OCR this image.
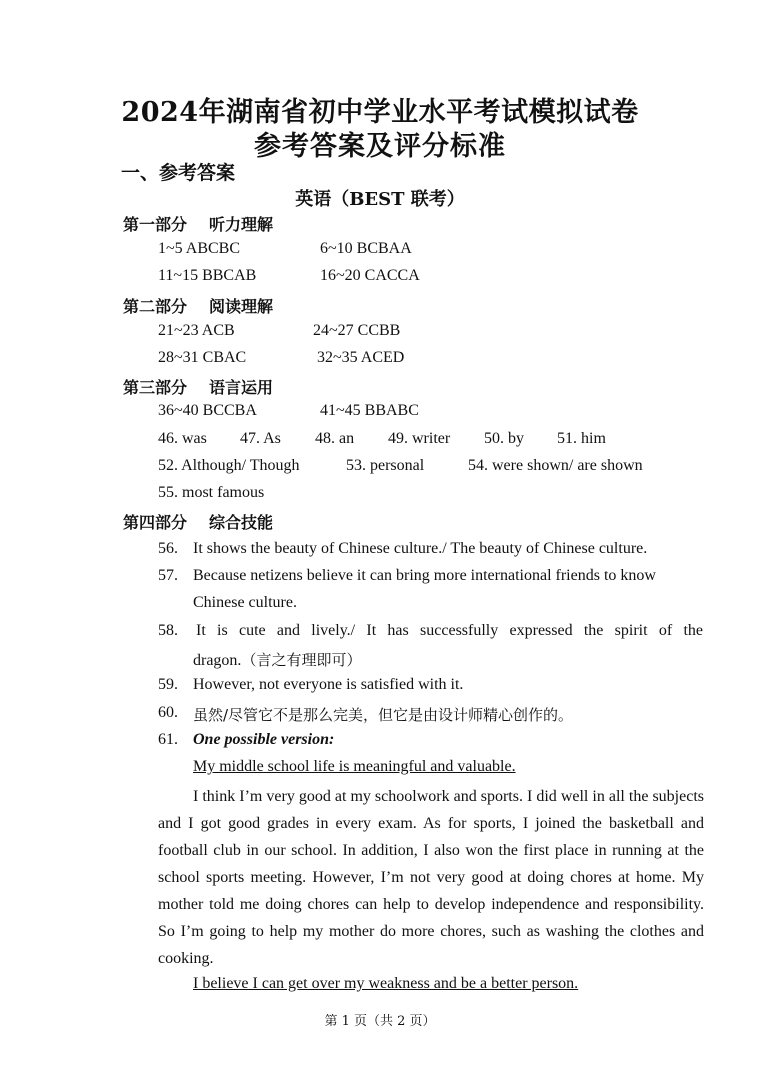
2024年湖南省初中学业水平考试模拟试卷
参考答案及评分标准
一、参考答案
英语（BEST 联考）
第一部分 听力理解
1~5 ABCBC	6~10 BCBAA
11~15 BBCAB	16~20 CACCA
第二部分 阅读理解
21~23 ACB	24~27 CCBB
28~31 CBAC	32~35 ACED
第三部分 语言运用
36~40 BCCBA	41~45 BBABC
46. was 47. As 48. an 49. writer 50. by 51. him
52. Although/ Though	53. personal	54. were shown/ are shown
55. most famous
第四部分 综合技能
56. It shows the beauty of Chinese culture./ The beauty of Chinese culture.
57. Because netizens believe it can bring more international friends to know
Chinese culture.
58. It is cute and lively./ It has successfully expressed the spirit of the
dragon.（言之有理即可）
59. However, not everyone is satisfied with it.
60. 虽然/尽管它不是那么完美，但它是由设计师精心创作的。
61. One possible version:
My middle school life is meaningful and valuable.
I think I’m very good at my schoolwork and sports. I did well in all the subjects and I got good grades in every exam. As for sports, I joined the basketball and football club in our school. In addition, I also won the first place in running at the school sports meeting. However, I’m not very good at doing chores at home. My mother told me doing chores can help to develop independence and responsibility. So I’m going to help my mother do more chores, such as washing the clothes and cooking.
I believe I can get over my weakness and be a better person.
第 1 页（共 2 页）
